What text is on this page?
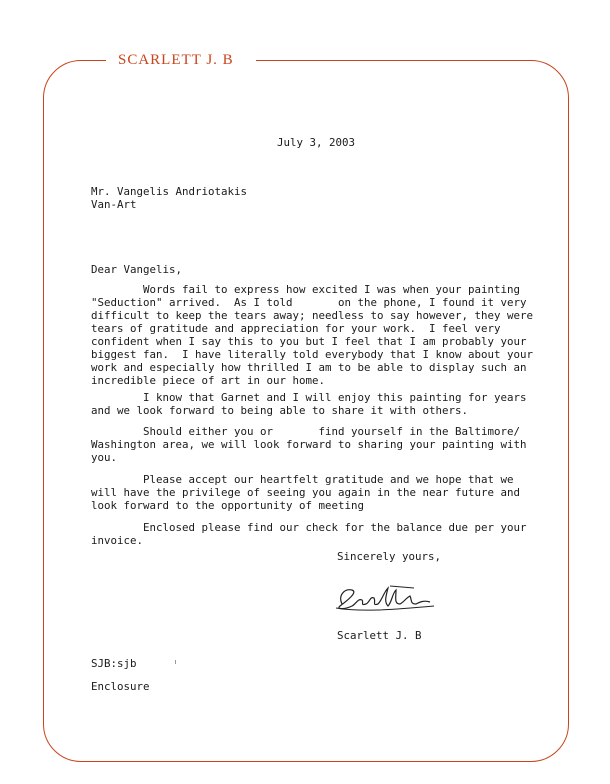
SCARLETT J. B
July 3, 2003
Mr. Vangelis Andriotakis
Van-Art
Dear Vangelis,
Words fail to express how excited I was when your painting
"Seduction" arrived.  As I told       on the phone, I found it very
difficult to keep the tears away; needless to say however, they were
tears of gratitude and appreciation for your work.  I feel very
confident when I say this to you but I feel that I am probably your
biggest fan.  I have literally told everybody that I know about your
work and especially how thrilled I am to be able to display such an
incredible piece of art in our home.
I know that Garnet and I will enjoy this painting for years
and we look forward to being able to share it with others.
Should either you or       find yourself in the Baltimore/
Washington area, we will look forward to sharing your painting with
you.
Please accept our heartfelt gratitude and we hope that we
will have the privilege of seeing you again in the near future and
look forward to the opportunity of meeting
Enclosed please find our check for the balance due per your
invoice.
Sincerely yours,
Scarlett J. B
SJB:sjb
Enclosure
